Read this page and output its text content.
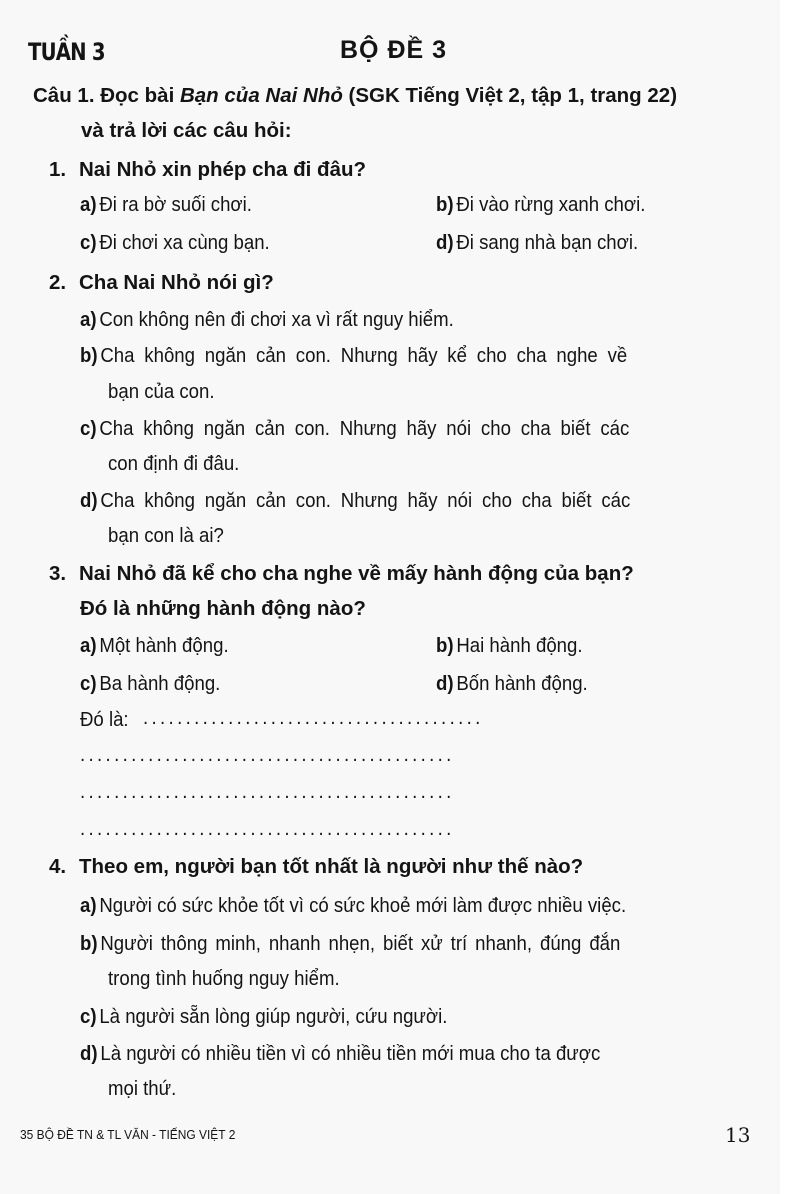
TUẦN 3	BỘ ĐỀ 3
Câu 1. Đọc bài Bạn của Nai Nhỏ (SGK Tiếng Việt 2, tập 1, trang 22)
và trả lời các câu hỏi:
1. Nai Nhỏ xin phép cha đi đâu?
a) Đi ra bờ suối chơi.	b) Đi vào rừng xanh chơi.
c) Đi chơi xa cùng bạn.	d) Đi sang nhà bạn chơi.
2. Cha Nai Nhỏ nói gì?
a) Con không nên đi chơi xa vì rất nguy hiểm.
b) Cha không ngăn cản con. Nhưng hãy kể cho cha nghe về
bạn của con.
c) Cha không ngăn cản con. Nhưng hãy nói cho cha biết các
con định đi đâu.
d) Cha không ngăn cản con. Nhưng hãy nói cho cha biết các
bạn con là ai?
3. Nai Nhỏ đã kể cho cha nghe về mấy hành động của bạn?
Đó là những hành động nào?
a) Một hành động.	b) Hai hành động.
c) Ba hành động.	d) Bốn hành động.
Đó là: ........................................
............................................
............................................
............................................
4. Theo em, người bạn tốt nhất là người như thế nào?
a) Người có sức khỏe tốt vì có sức khoẻ mới làm được nhiều việc.
b) Người thông minh, nhanh nhẹn, biết xử trí nhanh, đúng đắn
trong tình huống nguy hiểm.
c) Là người sẵn lòng giúp người, cứu người.
d) Là người có nhiều tiền vì có nhiều tiền mới mua cho ta được
mọi thứ.
35 BỘ ĐỀ TN & TL VĂN - TIẾNG VIỆT 2	13
